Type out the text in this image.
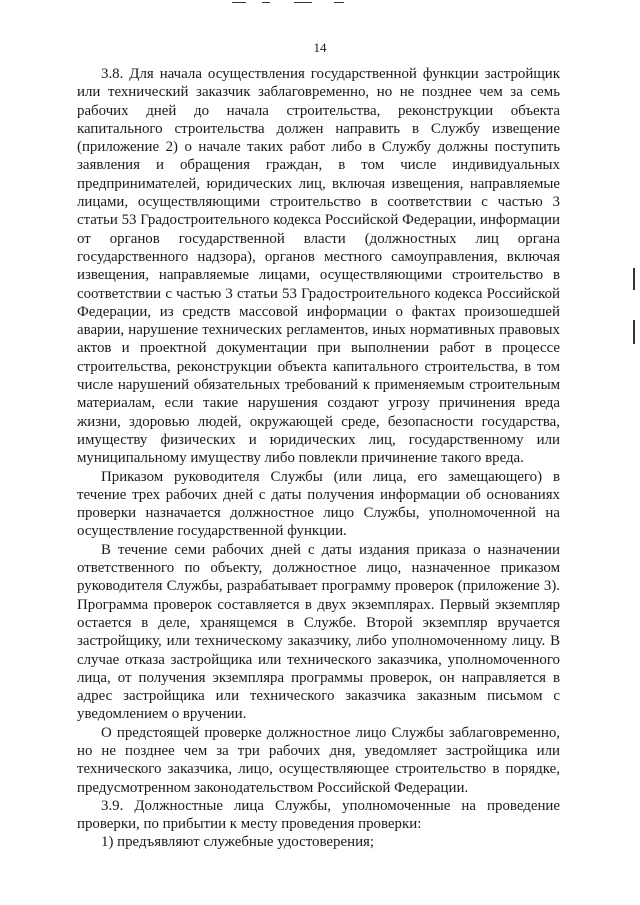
14

3.8. Для начала осуществления государственной функции застройщик или технический заказчик заблаговременно, но не позднее чем за семь рабочих дней до начала строительства, реконструкции объекта капитального строительства должен направить в Службу извещение (приложение 2) о начале таких работ либо в Службу должны поступить заявления и обращения граждан, в том числе индивидуальных предпринимателей, юридических лиц, включая извещения, направляемые лицами, осуществляющими строительство в соответствии с частью 3 статьи 53 Градостроительного кодекса Российской Федерации, информации от органов государственной власти (должностных лиц органа государственного надзора), органов местного самоуправления, включая извещения, направляемые лицами, осуществляющими строительство в соответствии с частью 3 статьи 53 Градостроительного кодекса Российской Федерации, из средств массовой информации о фактах произошедшей аварии, нарушение технических регламентов, иных нормативных правовых актов и проектной документации при выполнении работ в процессе строительства, реконструкции объекта капитального строительства, в том числе нарушений обязательных требований к применяемым строительным материалам, если такие нарушения создают угрозу причинения вреда жизни, здоровью людей, окружающей среде, безопасности государства, имуществу физических и юридических лиц, государственному или муниципальному имуществу либо повлекли причинение такого вреда.

Приказом руководителя Службы (или лица, его замещающего) в течение трех рабочих дней с даты получения информации об основаниях проверки назначается должностное лицо Службы, уполномоченной на осуществление государственной функции.

В течение семи рабочих дней с даты издания приказа о назначении ответственного по объекту, должностное лицо, назначенное приказом руководителя Службы, разрабатывает программу проверок (приложение 3). Программа проверок составляется в двух экземплярах. Первый экземпляр остается в деле, хранящемся в Службе. Второй экземпляр вручается застройщику, или техническому заказчику, либо уполномоченному лицу. В случае отказа застройщика или технического заказчика, уполномоченного лица, от получения экземпляра программы проверок, он направляется в адрес застройщика или технического заказчика заказным письмом с уведомлением о вручении.

О предстоящей проверке должностное лицо Службы заблаговременно, но не позднее чем за три рабочих дня, уведомляет застройщика или технического заказчика, лицо, осуществляющее строительство в порядке, предусмотренном законодательством Российской Федерации.

3.9. Должностные лица Службы, уполномоченные на проведение проверки, по прибытии к месту проведения проверки:

1) предъявляют служебные удостоверения;
